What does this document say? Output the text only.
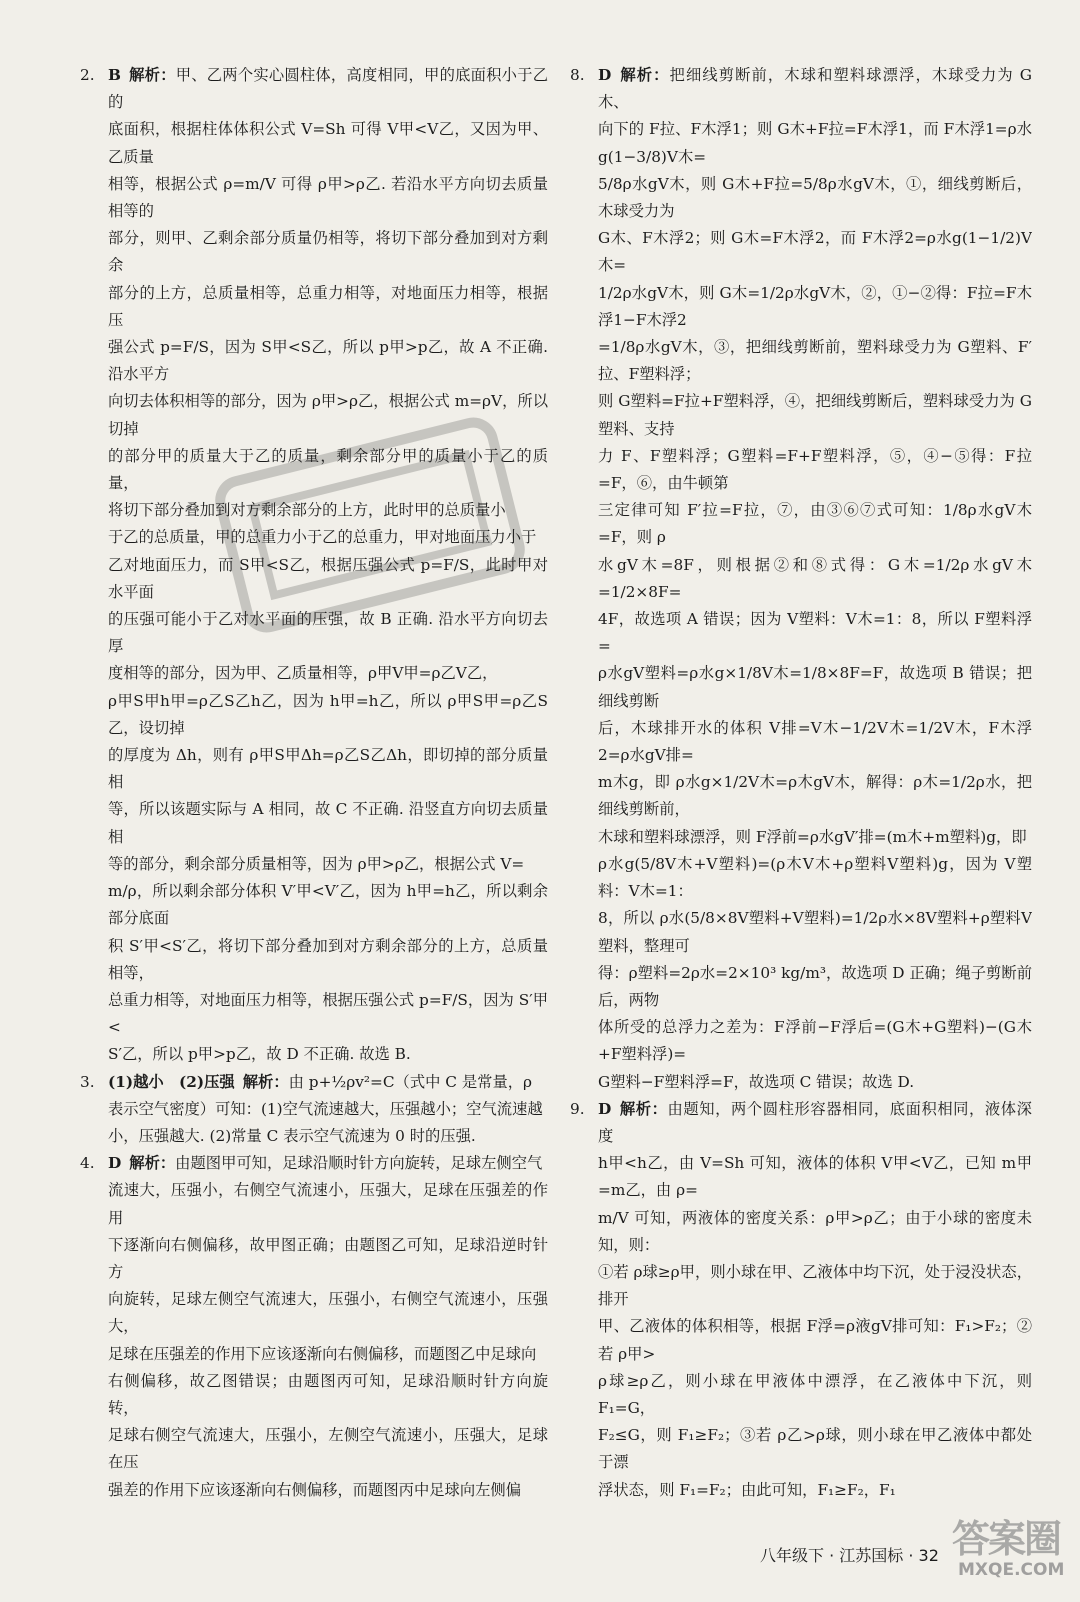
2. B 解析：甲、乙两个实心圆柱体，高度相同，甲的底面积小于乙的
底面积，根据柱体体积公式 V=Sh 可得 V甲<V乙，又因为甲、乙质量
相等，根据公式 ρ=m/V 可得 ρ甲>ρ乙. 若沿水平方向切去质量相等的
部分，则甲、乙剩余部分质量仍相等，将切下部分叠加到对方剩余
部分的上方，总质量相等，总重力相等，对地面压力相等，根据压
强公式 p=F/S，因为 S甲<S乙，所以 p甲>p乙，故 A 不正确. 沿水平方
向切去体积相等的部分，因为 ρ甲>ρ乙，根据公式 m=ρV，所以切掉
的部分甲的质量大于乙的质量，剩余部分甲的质量小于乙的质量，
将切下部分叠加到对方剩余部分的上方，此时甲的总质量小
于乙的总质量，甲的总重力小于乙的总重力，甲对地面压力小于
乙对地面压力，而 S甲<S乙，根据压强公式 p=F/S，此时甲对水平面
的压强可能小于乙对水平面的压强，故 B 正确. 沿水平方向切去厚
度相等的部分，因为甲、乙质量相等，ρ甲V甲=ρ乙V乙，
ρ甲S甲h甲=ρ乙S乙h乙，因为 h甲=h乙，所以 ρ甲S甲=ρ乙S乙，设切掉
的厚度为 Δh，则有 ρ甲S甲Δh=ρ乙S乙Δh，即切掉的部分质量相
等，所以该题实际与 A 相同，故 C 不正确. 沿竖直方向切去质量相
等的部分，剩余部分质量相等，因为 ρ甲>ρ乙，根据公式 V=
m/ρ，所以剩余部分体积 V′甲<V′乙，因为 h甲=h乙，所以剩余部分底面
积 S′甲<S′乙，将切下部分叠加到对方剩余部分的上方，总质量相等，
总重力相等，对地面压力相等，根据压强公式 p=F/S，因为 S′甲<
S′乙，所以 p甲>p乙，故 D 不正确. 故选 B.
3. (1)越小　(2)压强 解析：由 p+½ρv²=C（式中 C 是常量，ρ
表示空气密度）可知：(1)空气流速越大，压强越小；空气流速越
小，压强越大. (2)常量 C 表示空气流速为 0 时的压强.
4. D 解析：由题图甲可知，足球沿顺时针方向旋转，足球左侧空气
流速大，压强小，右侧空气流速小，压强大，足球在压强差的作用
下逐渐向右侧偏移，故甲图正确；由题图乙可知，足球沿逆时针方
向旋转，足球左侧空气流速大，压强小，右侧空气流速小，压强大，
足球在压强差的作用下应该逐渐向右侧偏移，而题图乙中足球向
右侧偏移，故乙图错误；由题图丙可知，足球沿顺时针方向旋转，
足球右侧空气流速大，压强小，左侧空气流速小，压强大，足球在压
强差的作用下应该逐渐向右侧偏移，而题图丙中足球向左侧偏
8. D 解析：把细线剪断前，木球和塑料球漂浮，木球受力为 G木、
向下的 F拉、F木浮1；则 G木+F拉=F木浮1，而 F木浮1=ρ水g(1−3/8)V木=
5/8ρ水gV木，则 G木+F拉=5/8ρ水gV木，①，细线剪断后，木球受力为
G木、F木浮2；则 G木=F木浮2，而 F木浮2=ρ水g(1−1/2)V木=
1/2ρ水gV木，则 G木=1/2ρ水gV木，②，①−②得：F拉=F木浮1−F木浮2
=1/8ρ水gV木，③，把细线剪断前，塑料球受力为 G塑料、F′拉、F塑料浮；
则 G塑料=F拉+F塑料浮，④，把细线剪断后，塑料球受力为 G塑料、支持
力 F、F塑料浮；G塑料=F+F塑料浮，⑤，④−⑤得：F拉=F，⑥，由牛顿第
三定律可知 F′拉=F拉，⑦，由③⑥⑦式可知：1/8ρ水gV木=F，则 ρ
水gV木=8F，则根据②和⑧式得：G木=1/2ρ水gV木=1/2×8F=
4F，故选项 A 错误；因为 V塑料：V木=1：8，所以 F塑料浮=
ρ水gV塑料=ρ水g×1/8V木=1/8×8F=F，故选项 B 错误；把细线剪断
后，木球排开水的体积 V排=V木−1/2V木=1/2V木，F木浮2=ρ水gV排=
m木g，即 ρ水g×1/2V木=ρ木gV木，解得：ρ木=1/2ρ水，把细线剪断前，
木球和塑料球漂浮，则 F浮前=ρ水gV′排=(m木+m塑料)g，即
ρ水g(5/8V木+V塑料)=(ρ木V木+ρ塑料V塑料)g，因为 V塑料：V木=1：
8，所以 ρ水(5/8×8V塑料+V塑料)=1/2ρ水×8V塑料+ρ塑料V塑料，整理可
得：ρ塑料=2ρ水=2×10³ kg/m³，故选项 D 正确；绳子剪断前后，两物
体所受的总浮力之差为：F浮前−F浮后=(G木+G塑料)−(G木+F塑料浮)=
G塑料−F塑料浮=F，故选项 C 错误；故选 D.
9. D 解析：由题知，两个圆柱形容器相同，底面积相同，液体深度
h甲<h乙，由 V=Sh 可知，液体的体积 V甲<V乙，已知 m甲=m乙，由 ρ=
m/V 可知，两液体的密度关系：ρ甲>ρ乙；由于小球的密度未知，则：
①若 ρ球≥ρ甲，则小球在甲、乙液体中均下沉，处于浸没状态，排开
甲、乙液体的体积相等，根据 F浮=ρ液gV排可知：F₁>F₂；②若 ρ甲>
ρ球≥ρ乙，则小球在甲液体中漂浮，在乙液体中下沉，则 F₁=G，
F₂≤G，则 F₁≥F₂；③若 ρ乙>ρ球，则小球在甲乙液体中都处于漂
浮状态，则 F₁=F₂；由此可知，F₁≥F₂，F₁
八年级下 · 江苏国标 · 32 答案圈
MXQE.COM
